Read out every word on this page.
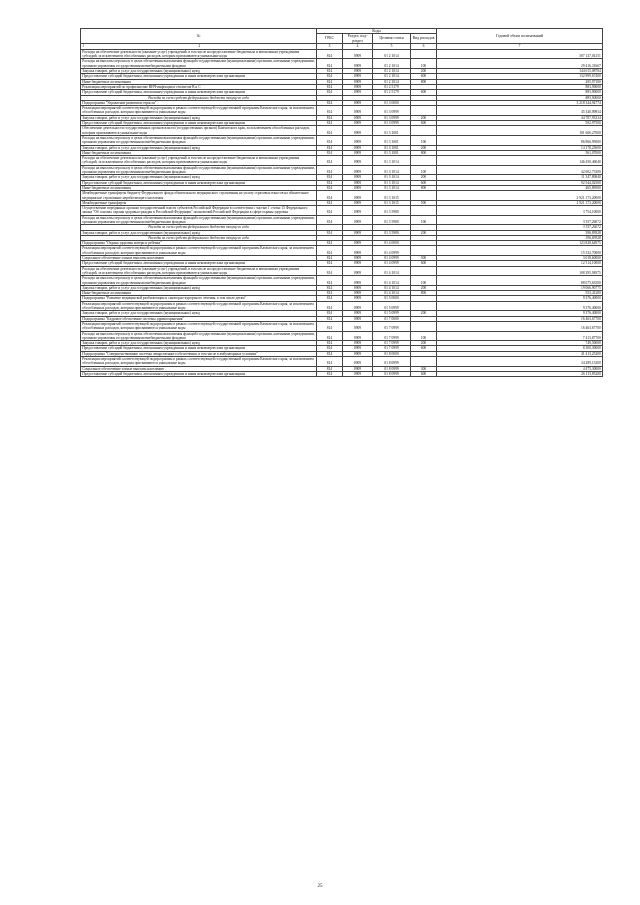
№	Коды				Годовой объем ассигнований
	ГРБС	Раздел, под-раздел	Целевая статья	Вид расходов	
1 2	3	4	5	6	7
Расходы на обеспечение деятельности (оказание услуг) учреждений, в том числе на предоставление бюджетным и автономным учреждениям субсидий, за исключением обособленных расходов, которым присваиваются уникальные коды	814	0909	01 2 1014		307 137,04151
Расходы на выплаты персоналу в целях обеспечения выполнения функций государственными (муниципальными) органами, казенными учреждениями, органами управления государственными внебюджетными фондами	814	0909	01 2 1014	100	29 416,31667
Закупка товаров, работ и услуг для государственных (муниципальных) нужд	814	0909	01 2 1014	200	144 615,08784
Предоставление субсидий бюджетным, автономным учреждениям и иным некоммерческим организациям	814	0909	01 2 1014	600	132 899,67400
Иные бюджетные ассигнования	814	0909	01 2 1014	800	205,97100
Реализация мероприятий по профилактике ВИЧ-инфекции и гепатитов В и С	814	0909	01 2 5179		883,90000
Предоставление субсидий бюджетным, автономным учреждениям и иным некоммерческим организациям	814	0909	01 2 5179	600	883,90000
Расходы за счет средств федерального бюджета текущего года					883,90000
Подпрограмма "Управление развитием отрасли"	814	0909	01 3 0000		3 218 344,94774
Реализация мероприятий соответствующей подпрограммы в рамках соответствующей государственной программы Камчатского края, за исключением обособленных расходов, которым присваиваются уникальные коды	814	0909	01 3 0999		45 340,09834
Закупка товаров, работ и услуг для государственных (муниципальных) нужд	814	0909	01 3 0999	200	44 787,93334
Предоставление субсидий бюджетным, автономным учреждениям и иным некоммерческим организациям	814	0909	01 3 0999	600	592,97500
Обеспечение деятельности государственных органов власти (государственных органов) Камчатского края, за исключением обособленных расходов, которым присваиваются уникальные коды	814	0909	01 3 1001		101 606,27000
Расходы на выплаты персоналу в целях обеспечения выполнения функций государственными (муниципальными) органами, казенными учреждениями, органами управления государственными внебюджетными фондами	814	0909	01 3 1001	100	86 866,95000
Закупка товаров, работ и услуг для государственных (муниципальных) нужд	814	0909	01 3 1001	200	14 178,25000
Иные бюджетные ассигнования	814	0909	01 3 1001	800	561,07000
Расходы на обеспечение деятельности (оказание услуг) учреждений, в том числе на предоставление бюджетным и автономным учреждениям субсидий, за исключением обособленных расходов, которым присваиваются уникальные коды	814	0909	01 3 1014		146 450,46040
Расходы на выплаты персоналу в целях обеспечения выполнения функций государственными (муниципальными) органами, казенными учреждениями, органами управления государственными внебюджетными фондами	814	0909	01 3 1014	100	42 602,73300
Закупка товаров, работ и услуг для государственных (муниципальных) нужд	814	0909	01 3 1014	200	11 347,80840
Предоставление субсидий бюджетным, автономным учреждениям и иным некоммерческим организациям	814	0909	01 3 1014	600	92 544,02500
Иные бюджетные ассигнования	814	0909	01 3 1014	800	465,89500
Межбюджетные трансферты бюджету Федерального фонда обязательного медицинского страхования на уплату страховых взносов на обязательное медицинское страхование неработающего населения	814	0909	01 3 1015		2 921 173,20000
Межбюджетные трансферты	814	0909	01 3 1015	500	2 921 173,20000
Осуществление переданных органам государственной власти субъектов Российской Федерации в соответствии с частью 1 статьи 15 Федерального закона "Об основах охраны здоровья граждан в Российской Федерации" полномочий Российской Федерации в сфере охраны здоровья	814	0909	01 3 5980		3 754,10000
Расходы на выплаты персоналу в целях обеспечения выполнения функций государственными (муниципальными) органами, казенными учреждениями, органами управления государственными внебюджетными фондами	814	0909	01 3 5980	100	3 357,26072
Расходы за счет средств федерального бюджета текущего года					3 357,26072
Закупка товаров, работ и услуг для государственных (муниципальных) нужд	814	0909	01 3 5980	200	396,83928
Расходы за счет средств федерального бюджета текущего года					396,83928
Подпрограмма "Охрана здоровья матери и ребенка"	814	0909	01 4 0000		123 828,64975
Реализация мероприятий соответствующей подпрограммы в рамках соответствующей государственной программы Камчатского края, за исключением обособленных расходов, которым присваиваются уникальные коды	814	0909	01 4 0999		15 532,70000
Социальное обеспечение и иные выплаты населению	814	0909	01 4 0999	300	3 018,60000
Предоставление субсидий бюджетным, автономным учреждениям и иным некоммерческим организациям	814	0909	01 4 0999	600	12 514,10000
Расходы на обеспечение деятельности (оказание услуг) учреждений, в том числе на предоставление бюджетным и автономным учреждениям субсидий, за исключением обособленных расходов, которым присваиваются уникальные коды	814	0909	01 4 1014		108 295,94975
Расходы на выплаты персоналу в целях обеспечения выполнения функций государственными (муниципальными) органами, казенными учреждениями, органами управления государственными внебюджетными фондами	814	0909	01 4 1014	100	88 675,63500
Закупка товаров, работ и услуг для государственных (муниципальных) нужд	814	0909	01 4 1014	200	19 066,90775
Иные бюджетные ассигнования	814	0909	01 4 1014	800	553,41200
Подпрограмма "Развитие медицинской реабилитации и санаторно-курортного лечения, в том числе детям"	814	0909	01 5 0000		9 376,40000
Реализация мероприятий соответствующей подпрограммы в рамках соответствующей государственной программы Камчатского края, за исключением обособленных расходов, которым присваиваются уникальные коды	814	0909	01 5 0999		9 376,40000
Закупка товаров, работ и услуг для государственных (муниципальных) нужд	814	0909	01 5 0999	200	9 376,40000
Подпрограмма "Кадровое обеспечение системы здравоохранения"	814	0909	01 7 0000		16 463,67700
Реализация мероприятий соответствующей подпрограммы в рамках соответствующей государственной программы Камчатского края, за исключением обособленных расходов, которым присваиваются уникальные коды	814	0909	01 7 0999		16 463,67700
Расходы на выплаты персоналу в целях обеспечения выполнения функций государственными (муниципальными) органами, казенными учреждениями, органами управления государственными внебюджетными фондами	814	0909	01 7 0999	100	7 413,87700
Закупка товаров, работ и услуг для государственных (муниципальных) нужд	814	0909	01 7 0999	200	749,50000
Предоставление субсидий бюджетным, автономным учреждениям и иным некоммерческим организациям	814	0909	01 7 0999	600	8 300,30000
Подпрограмма "Совершенствование системы лекарственного обеспечения, в том числе в амбулаторных условиях"	814	0909	01 8 0000		41 413,25200
Реализация мероприятий соответствующей подпрограммы в рамках соответствующей государственной программы Камчатского края, за исключением обособленных расходов, которым присваиваются уникальные коды	814	0909	01 8 0999		34 289,15200
Социальное обеспечение и иные выплаты населению	814	0909	01 8 0999	300	4 475,30000
Предоставление субсидий бюджетным, автономным учреждениям и иным некоммерческим организациям	814	0909	01 8 0999	600	26 113,85200
25
